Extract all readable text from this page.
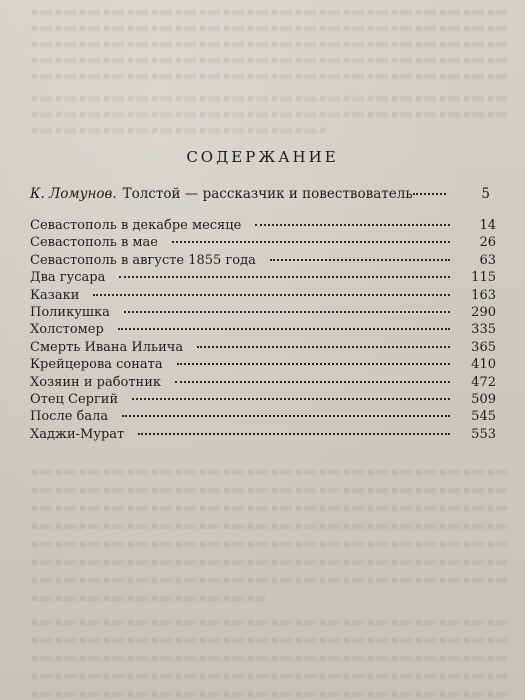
СОДЕРЖАНИЕ
К. Ломунов. Толстой — рассказчик и повествователь	5
Севастополь в декабре месяце	14
Севастополь в мае	26
Севастополь в августе 1855 года	63
Два гусара	115
Казаки	163
Поликушка	290
Холстомер	335
Смерть Ивана Ильича	365
Крейцерова соната	410
Хозяин и работник	472
Отец Сергий	509
После бала	545
Хаджи-Мурат	553
